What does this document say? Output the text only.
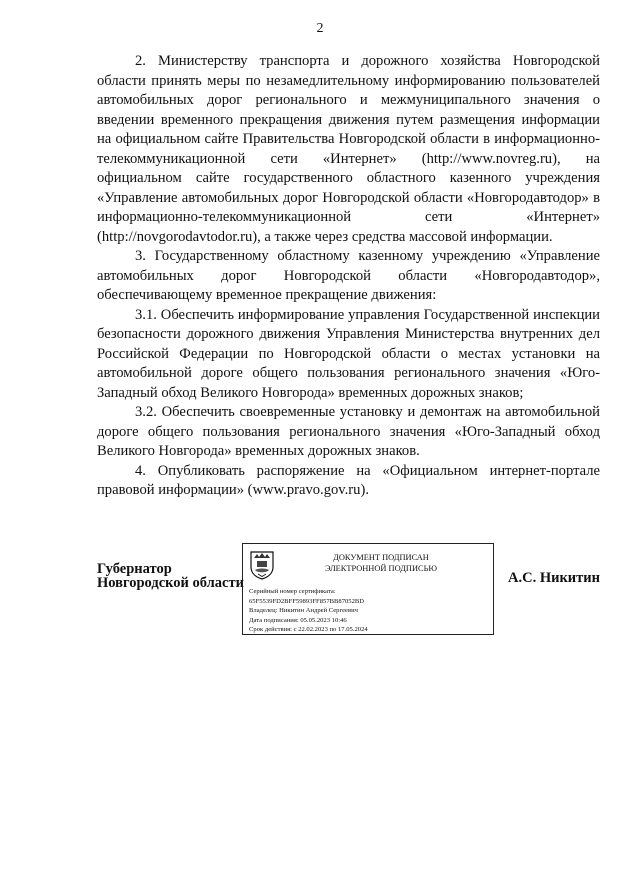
2

2. Министерству транспорта и дорожного хозяйства Новгородской области принять меры по незамедлительному информированию пользователей автомобильных дорог регионального и межмуниципального значения о введении временного прекращения движения путем размещения информации на официальном сайте Правительства Новгородской области в информационно-телекоммуникационной сети «Интернет» (http://www.novreg.ru), на официальном сайте государственного областного казенного учреждения «Управление автомобильных дорог Новгородской области «Новгородавтодор» в информационно-телекоммуникационной сети «Интернет» (http://novgorodavtodor.ru), а также через средства массовой информации.

3. Государственному областному казенному учреждению «Управление автомобильных дорог Новгородской области «Новгородавтодор», обеспечивающему временное прекращение движения:

3.1. Обеспечить информирование управления Государственной инспекции безопасности дорожного движения Управления Министерства внутренних дел Российской Федерации по Новгородской области о местах установки на автомобильной дороге общего пользования регионального значения «Юго-Западный обход Великого Новгорода» временных дорожных знаков;

3.2. Обеспечить своевременные установку и демонтаж на автомобильной дороге общего пользования регионального значения «Юго-Западный обход Великого Новгорода» временных дорожных знаков.

4. Опубликовать распоряжение на «Официальном интернет-портале правовой информации» (www.pravo.gov.ru).

Губернатор
Новгородской области
ДОКУМЕНТ ПОДПИСАН
ЭЛЕКТРОННОЙ ПОДПИСЬЮ
Серийный номер сертификата:
65F5539FD2BFF59893FF857BB87052BD
Владелец: Никитин Андрей Сергеевич
Дата подписания: 05.05.2023 10:46
Срок действия: с 22.02.2023 по 17.05.2024
А.С. Никитин
